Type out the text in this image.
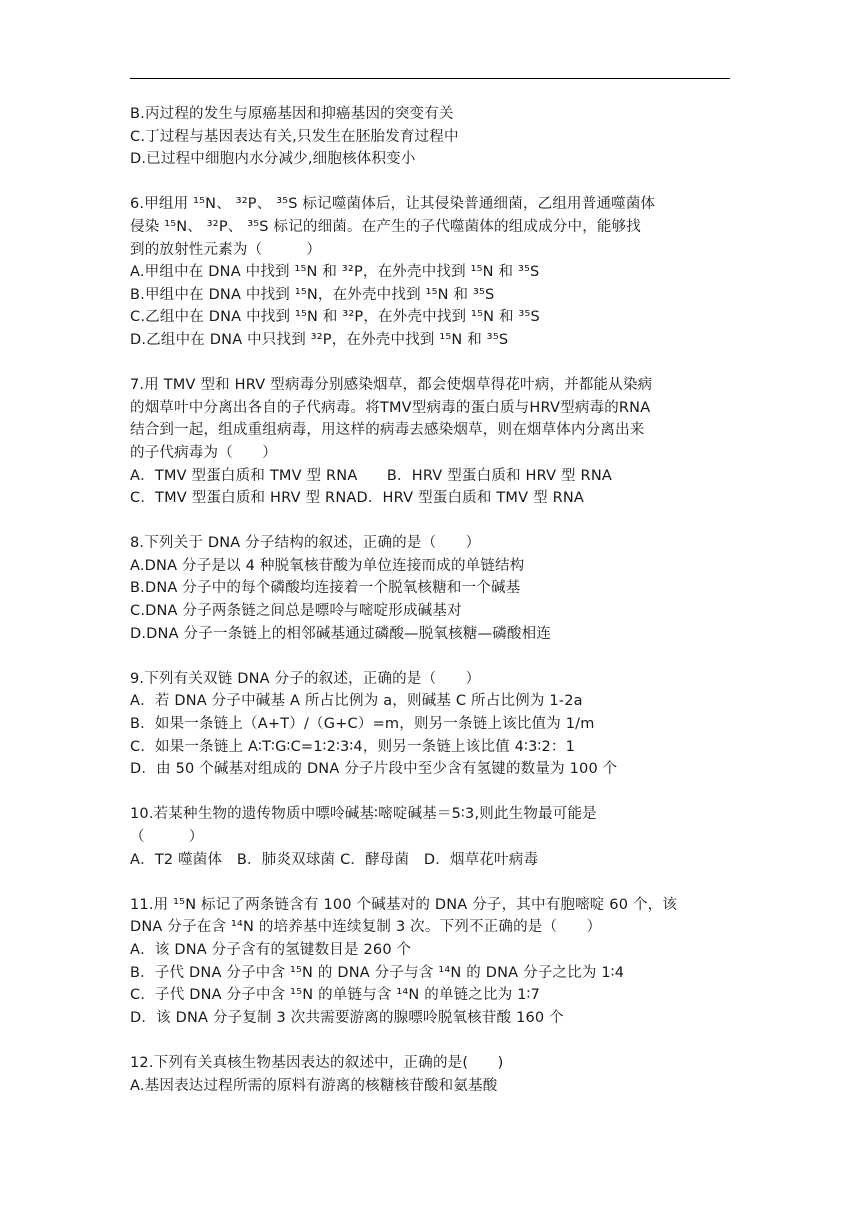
B.丙过程的发生与原癌基因和抑癌基因的突变有关
C.丁过程与基因表达有关,只发生在胚胎发育过程中
D.已过程中细胞内水分减少,细胞核体积变小
6.甲组用 ¹⁵N、 ³²P、 ³⁵S 标记噬菌体后，让其侵染普通细菌，乙组用普通噬菌体
侵染 ¹⁵N、 ³²P、 ³⁵S 标记的细菌。在产生的子代噬菌体的组成成分中，能够找
到的放射性元素为（　　　）
A.甲组中在 DNA 中找到 ¹⁵N 和 ³²P，在外壳中找到 ¹⁵N 和 ³⁵S
B.甲组中在 DNA 中找到 ¹⁵N，在外壳中找到 ¹⁵N 和 ³⁵S
C.乙组中在 DNA 中找到 ¹⁵N 和 ³²P，在外壳中找到 ¹⁵N 和 ³⁵S
D.乙组中在 DNA 中只找到 ³²P，在外壳中找到 ¹⁵N 和 ³⁵S
7.用 TMV 型和 HRV 型病毒分别感染烟草，都会使烟草得花叶病，并都能从染病
的烟草叶中分离出各自的子代病毒。将TMV型病毒的蛋白质与HRV型病毒的RNA
结合到一起，组成重组病毒，用这样的病毒去感染烟草，则在烟草体内分离出来
的子代病毒为（　　）
A．TMV 型蛋白质和 TMV 型 RNA　　B．HRV 型蛋白质和 HRV 型 RNA
C．TMV 型蛋白质和 HRV 型 RNAD．HRV 型蛋白质和 TMV 型 RNA
8.下列关于 DNA 分子结构的叙述，正确的是（　　）
A.DNA 分子是以 4 种脱氧核苷酸为单位连接而成的单链结构
B.DNA 分子中的每个磷酸均连接着一个脱氧核糖和一个碱基
C.DNA 分子两条链之间总是嘌呤与嘧啶形成碱基对
D.DNA 分子一条链上的相邻碱基通过磷酸—脱氧核糖—磷酸相连
9.下列有关双链 DNA 分子的叙述，正确的是（　　）
A．若 DNA 分子中碱基 A 所占比例为 a，则碱基 C 所占比例为 1-2a
B．如果一条链上（A+T）/（G+C）=m，则另一条链上该比值为 1/m
C．如果一条链上 A∶T∶G∶C=1∶2∶3∶4，则另一条链上该比值 4∶3∶2：1
D．由 50 个碱基对组成的 DNA 分子片段中至少含有氢键的数量为 100 个
10.若某种生物的遗传物质中嘌呤碱基∶嘧啶碱基＝5∶3,则此生物最可能是
（　　　）
A．T2 噬菌体　B．肺炎双球菌 C．酵母菌　D．烟草花叶病毒
11.用 ¹⁵N 标记了两条链含有 100 个碱基对的 DNA 分子，其中有胞嘧啶 60 个，该
DNA 分子在含 ¹⁴N 的培养基中连续复制 3 次。下列不正确的是（　　）
A．该 DNA 分子含有的氢键数目是 260 个
B．子代 DNA 分子中含 ¹⁵N 的 DNA 分子与含 ¹⁴N 的 DNA 分子之比为 1∶4
C．子代 DNA 分子中含 ¹⁵N 的单链与含 ¹⁴N 的单链之比为 1∶7
D．该 DNA 分子复制 3 次共需要游离的腺嘌呤脱氧核苷酸 160 个
12.下列有关真核生物基因表达的叙述中，正确的是(　　)
A.基因表达过程所需的原料有游离的核糖核苷酸和氨基酸
